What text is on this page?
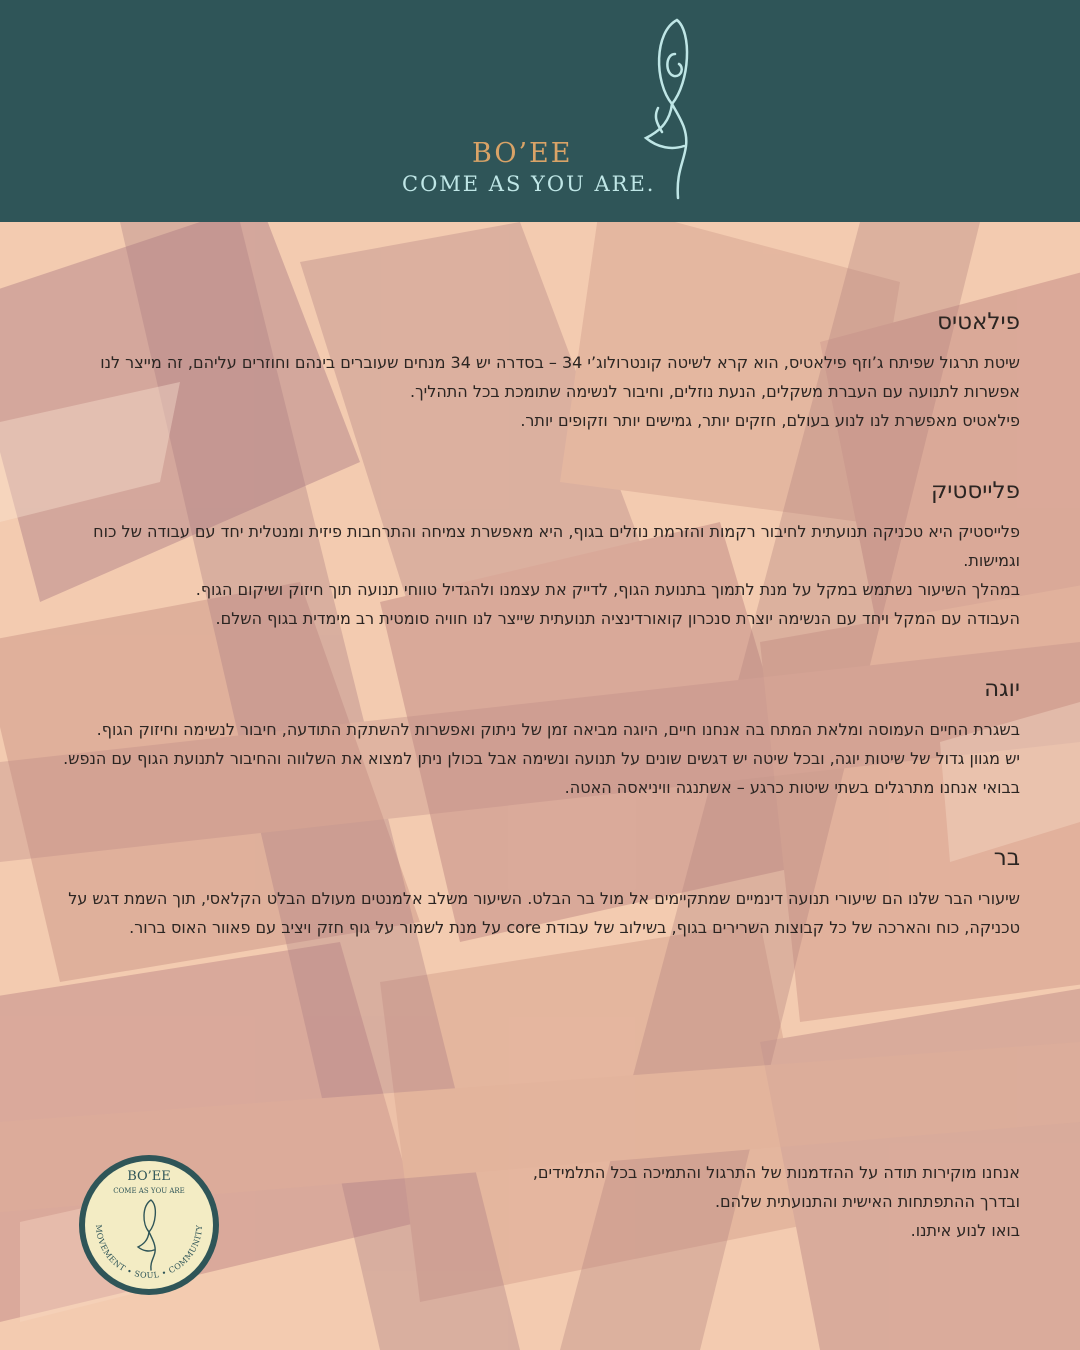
BO’EE
COME AS YOU ARE.
פילאטיס

שיטת תרגול שפיתח ג’וזף פילאטיס, הוא קרא לשיטה קונטרולוג’י 34 – בסדרה יש 34 מנחים שעוברים בינהם וחוזרים עליהם, זה מייצר לנו אפשרות לתנועה עם העברת משקלים, הנעת נוזלים, וחיבור לנשימה שתומכת בכל התהליך.

פילאטיס מאפשרת לנו לנוע בעולם, חזקים יותר, גמישים יותר וזקופים יותר.

פלייסטיק

פלייסטיק היא טכניקה תנועתית לחיבור רקמות והזרמת נוזלים בגוף, היא מאפשרת צמיחה והתרחבות פיזית ומנטלית יחד עם עבודה של כוח וגמישות.

במהלך השיעור נשתמש במקל על מנת לתמוך בתנועת הגוף, לדייק את עצמנו ולהגדיל טווחי תנועה תוך חיזוק ושיקום הגוף.

העבודה עם המקל ויחד עם הנשימה יוצרת סנכרון קואורדינציה תנועתית שייצר לנו חוויה סומטית רב מימדית בגוף השלם.

יוגה

בשגרת החיים העמוסה ומלאת המתח בה אנחנו חיים, היוגה מביאה זמן של ניתוק ואפשרות להשתקת התודעה, חיבור לנשימה וחיזוק הגוף.

יש מגוון גדול של שיטות יוגה, ובכל שיטה יש דגשים שונים על תנועה ונשימה אבל בכולן ניתן למצוא את השלווה והחיבור לתנועת הגוף עם הנפש.

בבואי אנחנו מתרגלים בשתי שיטות כרגע – אשתנגה וויניאסה האטה.

בר

שיעורי הבר שלנו הם שיעורי תנועה דינמיים שמתקיימים אל מול בר הבלט. השיעור משלב אלמנטים מעולם הבלט הקלאסי, תוך השמת דגש על טכניקה, כוח והארכה של כל קבוצות השרירים בגוף, בשילוב של עבודת core על מנת לשמור על גוף חזק ויציב עם פאוור האוס ברור.

אנחנו מוקירות תודה על ההזדמנות של התרגול והתמיכה בכל התלמידים,

ובדרך ההתפתחות האישית והתנועתית שלהם.

בואו לנוע איתנו.

BO’EE
COME AS YOU ARE
MOVEMENT • SOUL • COMMUNITY
